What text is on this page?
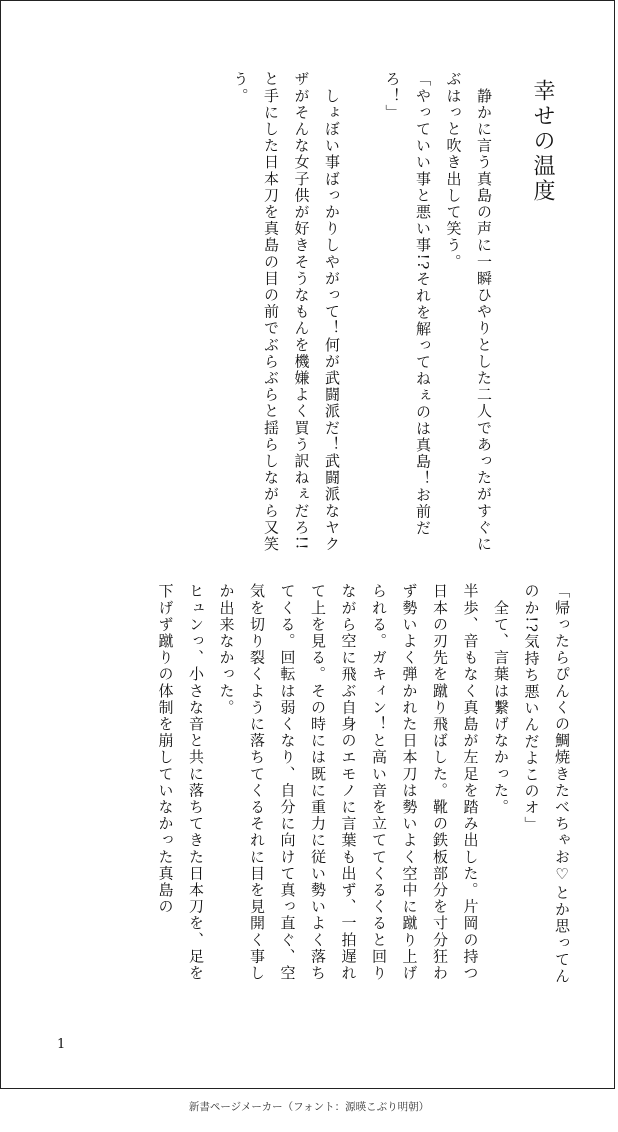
幸せの温度

　静かに言う真島の声に一瞬ひやりとした二人であったがすぐにぶはっと吹き出して笑う。

「やっていい事と悪い事!?それを解ってねぇのは真島！お前だろ！」

　しょぼい事ばっかりしやがって！何が武闘派だ！武闘派なヤクザがそんな女子供が好きそうなもんを機嫌よく買う訳ねぇだろ!!と手にした日本刀を真島の目の前でぶらぶらと揺らしながら又笑う。

「帰ったらぴんくの鯛焼きたべちゃお♡とか思ってんのか!?気持ち悪いんだよこのオ」

　全て、言葉は繋げなかった。

半歩、音もなく真島が左足を踏み出した。片岡の持つ日本の刃先を蹴り飛ばした。靴の鉄板部分を寸分狂わず勢いよく弾かれた日本刀は勢いよく空中に蹴り上げられる。ガキィン！と高い音を立ててくるくると回りながら空に飛ぶ自身のエモノに言葉も出ず、一拍遅れて上を見る。その時には既に重力に従い勢いよく落ちてくる。回転は弱くなり、自分に向けて真っ直ぐ、空気を切り裂くように落ちてくるそれに目を見開く事しか出来なかった。

ヒュンっ、小さな音と共に落ちてきた日本刀を、足を下げず蹴りの体制を崩していなかった真島の

1
新書ページメーカー（フォント：源暎こぶり明朝）
